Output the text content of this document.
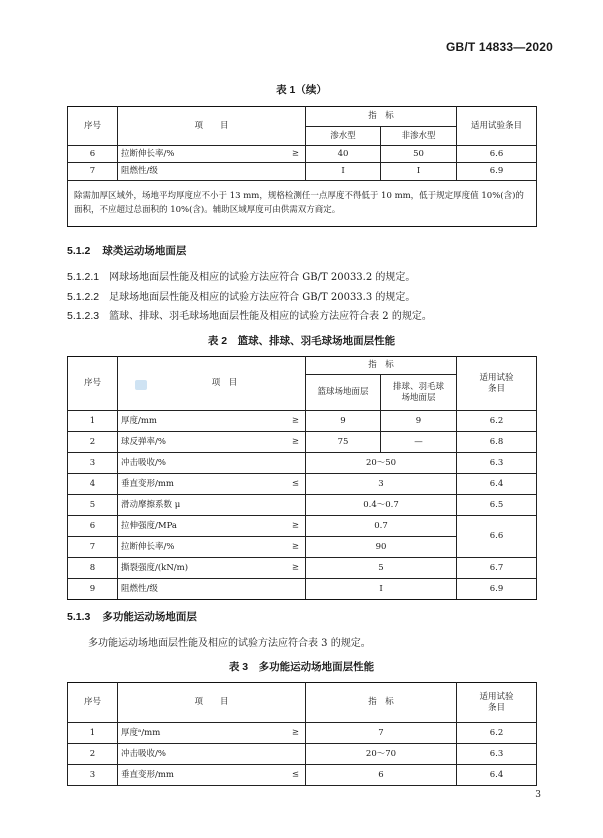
GB/T 14833—2020
表 1（续）
序号	项　　目	指　标		适用试验条目
		渗水型	非渗水型	
6	拉断伸长率/% ≥	40	50	6.6
7	阻燃性/级	Ⅰ	Ⅰ	6.9
除需加厚区域外，场地平均厚度应不小于 13 mm，规格检测任一点厚度不得低于 10 mm，低于规定厚度值 10%(含)的面积，不应超过总面积的 10%(含)。辅助区域厚度可由供需双方商定。				
5.1.2 球类运动场地面层
5.1.2.1 网球场地面层性能及相应的试验方法应符合 GB/T 20033.2 的规定。
5.1.2.2 足球场地面层性能及相应的试验方法应符合 GB/T 20033.3 的规定。
5.1.2.3 篮球、排球、羽毛球场地面层性能及相应的试验方法应符合表 2 的规定。
表 2　篮球、排球、羽毛球场地面层性能
序号	项　目	指　标		适用试验
条目

		篮球场地面层	排球、羽毛球
场地面层	

1	厚度/mm ≥	9	9	6.2
2	球反弹率/% ≥	75	—	6.8
3	冲击吸收/%	20～50		6.3
4	垂直变形/mm ≤	3		6.4
5	滑动摩擦系数 μ	0.4～0.7		6.5
6	拉伸强度/MPa ≥	0.7		6.6
7	拉断伸长率/% ≥	90		
8	撕裂强度/(kN/m) ≥	5		6.7
9	阻燃性/级	Ⅰ		6.9
5.1.3 多功能运动场地面层
多功能运动场地面层性能及相应的试验方法应符合表 3 的规定。
表 3　多功能运动场地面层性能
序号	项　　目	指　标	适用试验
条目

1	厚度ᵃ/mm ≥	7	6.2
2	冲击吸收/%	20～70	6.3
3	垂直变形/mm ≤	6	6.4
3
